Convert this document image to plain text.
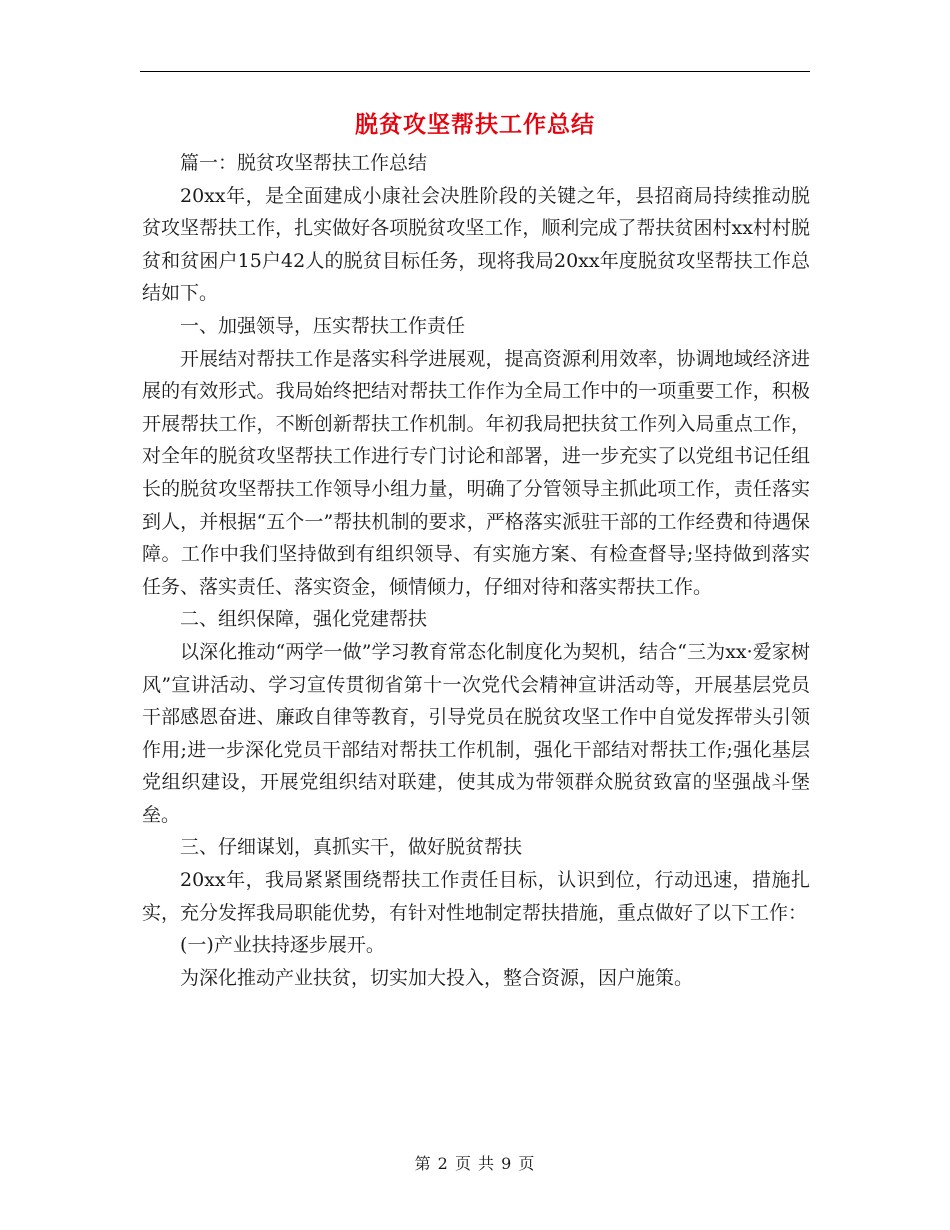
脱贫攻坚帮扶工作总结

篇一：脱贫攻坚帮扶工作总结

20xx年，是全面建成小康社会决胜阶段的关键之年，县招商局持续推动脱贫攻坚帮扶工作，扎实做好各项脱贫攻坚工作，顺利完成了帮扶贫困村xx村村脱贫和贫困户15户42人的脱贫目标任务，现将我局20xx年度脱贫攻坚帮扶工作总结如下。

一、加强领导，压实帮扶工作责任

开展结对帮扶工作是落实科学进展观，提高资源利用效率，协调地域经济进展的有效形式。我局始终把结对帮扶工作作为全局工作中的一项重要工作，积极开展帮扶工作，不断创新帮扶工作机制。年初我局把扶贫工作列入局重点工作，对全年的脱贫攻坚帮扶工作进行专门讨论和部署，进一步充实了以党组书记任组长的脱贫攻坚帮扶工作领导小组力量，明确了分管领导主抓此项工作，责任落实到人，并根据“五个一”帮扶机制的要求，严格落实派驻干部的工作经费和待遇保障。工作中我们坚持做到有组织领导、有实施方案、有检查督导;坚持做到落实任务、落实责任、落实资金，倾情倾力，仔细对待和落实帮扶工作。

二、组织保障，强化党建帮扶

以深化推动“两学一做”学习教育常态化制度化为契机，结合“三为xx·爱家树风”宣讲活动、学习宣传贯彻省第十一次党代会精神宣讲活动等，开展基层党员干部感恩奋进、廉政自律等教育，引导党员在脱贫攻坚工作中自觉发挥带头引领作用;进一步深化党员干部结对帮扶工作机制，强化干部结对帮扶工作;强化基层党组织建设，开展党组织结对联建，使其成为带领群众脱贫致富的坚强战斗堡垒。

三、仔细谋划，真抓实干，做好脱贫帮扶

20xx年，我局紧紧围绕帮扶工作责任目标，认识到位，行动迅速，措施扎实，充分发挥我局职能优势，有针对性地制定帮扶措施，重点做好了以下工作：

(一)产业扶持逐步展开。

为深化推动产业扶贫，切实加大投入，整合资源，因户施策。

第 2 页 共 9 页
